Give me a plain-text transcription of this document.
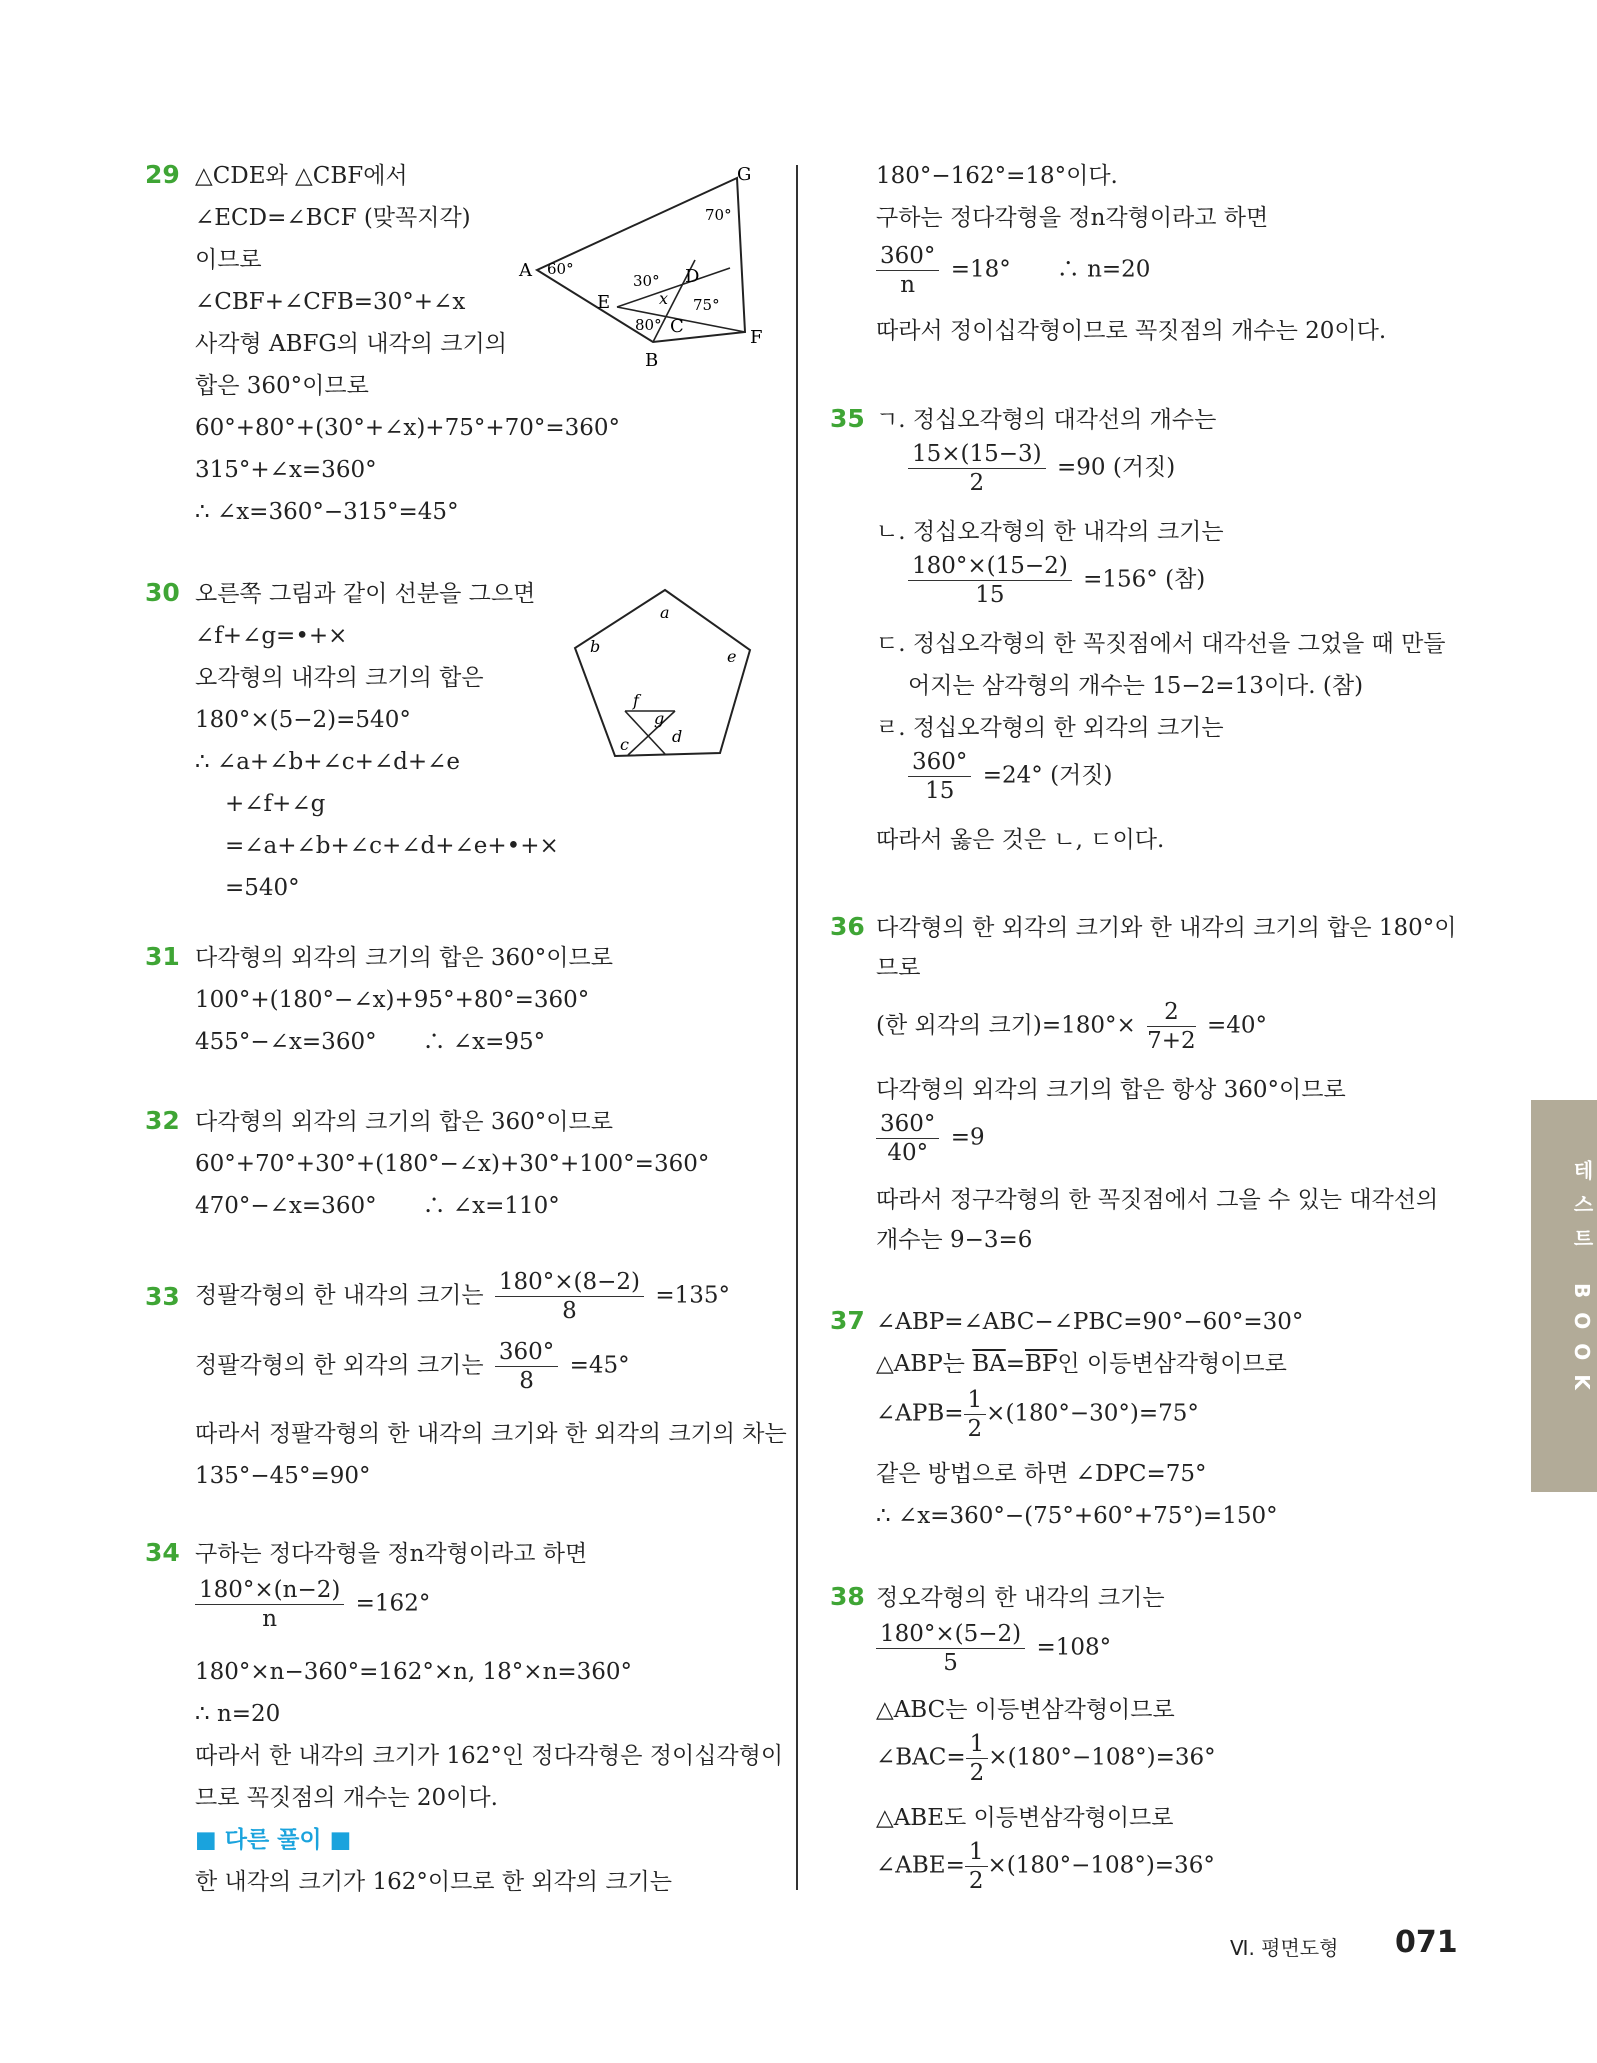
29 △CDE와 △CBF에서
∠ECD=∠BCF (맞꼭지각)
이므로
∠CBF+∠CFB=30°+∠x
사각형 ABFG의 내각의 크기의
합은 360°이므로
60°+80°+(30°+∠x)+75°+70°=360°
315°+∠x=360°
∴ ∠x=360°−315°=45°
A
B
C
D
E
F
G
60°
30°
80°
75°
70°
x
30 오른쪽 그림과 같이 선분을 그으면
∠f+∠g=•+×
오각형의 내각의 크기의 합은
180°×(5−2)=540°
∴ ∠a+∠b+∠c+∠d+∠e
+∠f+∠g
=∠a+∠b+∠c+∠d+∠e+•+×
=540°
a
b
c	d
e
f
g
31 다각형의 외각의 크기의 합은 360°이므로
100°+(180°−∠x)+95°+80°=360°
455°−∠x=360°　　∴ ∠x=95°
32 다각형의 외각의 크기의 합은 360°이므로
60°+70°+30°+(180°−∠x)+30°+100°=360°
470°−∠x=360°　　∴ ∠x=110°
33 정팔각형의 한 내각의 크기는 $\frac{180^\circ\times(8-2)}{8} =135^\circ$
정팔각형의 한 외각의 크기는 $\frac{360^\circ}{8} =45^\circ$
따라서 정팔각형의 한 내각의 크기와 한 외각의 크기의 차는
135°−45°=90°
34 구하는 정다각형을 정n각형이라고 하면
$\frac{180^\circ\times(n-2)}{n} =162^\circ$
180°×n−360°=162°×n, 18°×n=360°
∴ n=20
따라서 한 내각의 크기가 162°인 정다각형은 정이십각형이
므로 꼭짓점의 개수는 20이다.
■ 다른 풀이 ■
한 내각의 크기가 162°이므로 한 외각의 크기는
180°−162°=18°이다.
구하는 정다각형을 정n각형이라고 하면
$\frac{360^\circ}{n} =18^\circ$　　∴ n=20
따라서 정이십각형이므로 꼭짓점의 개수는 20이다.
35 ㄱ. 정십오각형의 대각선의 개수는
$\frac{15\times(15-3)}{2} =90$ (거짓)
ㄴ. 정십오각형의 한 내각의 크기는
$\frac{180^\circ\times(15-2)}{15} =156^\circ$ (참)
ㄷ. 정십오각형의 한 꼭짓점에서 대각선을 그었을 때 만들
어지는 삼각형의 개수는 15−2=13이다. (참)
ㄹ. 정십오각형의 한 외각의 크기는
$\frac{360^\circ}{15} =24^\circ$ (거짓)
따라서 옳은 것은 ㄴ, ㄷ이다.
36 다각형의 한 외각의 크기와 한 내각의 크기의 합은 180°이
므로
(한 외각의 크기)$=180^\circ\times \frac{2}{7+2} =40^\circ$
다각형의 외각의 크기의 합은 항상 360°이므로
$\frac{360^\circ}{40^\circ} =9$
따라서 정구각형의 한 꼭짓점에서 그을 수 있는 대각선의
개수는 9−3=6
37 ∠ABP=∠ABC−∠PBC=90°−60°=30°
△ABP는 $\overline{BA}=\overline{BP}$인 이등변삼각형이므로
∠APB= $\frac{1}{2} \times(180^\circ-30^\circ)=75^\circ$
같은 방법으로 하면 ∠DPC=75°
∴ ∠x=360°−(75°+60°+75°)=150°
38 정오각형의 한 내각의 크기는
$\frac{180^\circ\times(5-2)}{5} =108^\circ$
△ABC는 이등변삼각형이므로
∠BAC= $\frac{1}{2} \times(180^\circ-108^\circ)=36^\circ$
△ABE도 이등변삼각형이므로
∠ABE= $\frac{1}{2} \times(180^\circ-108^\circ)=36^\circ$
테스트 BOOK
Ⅵ. 평면도형 071
